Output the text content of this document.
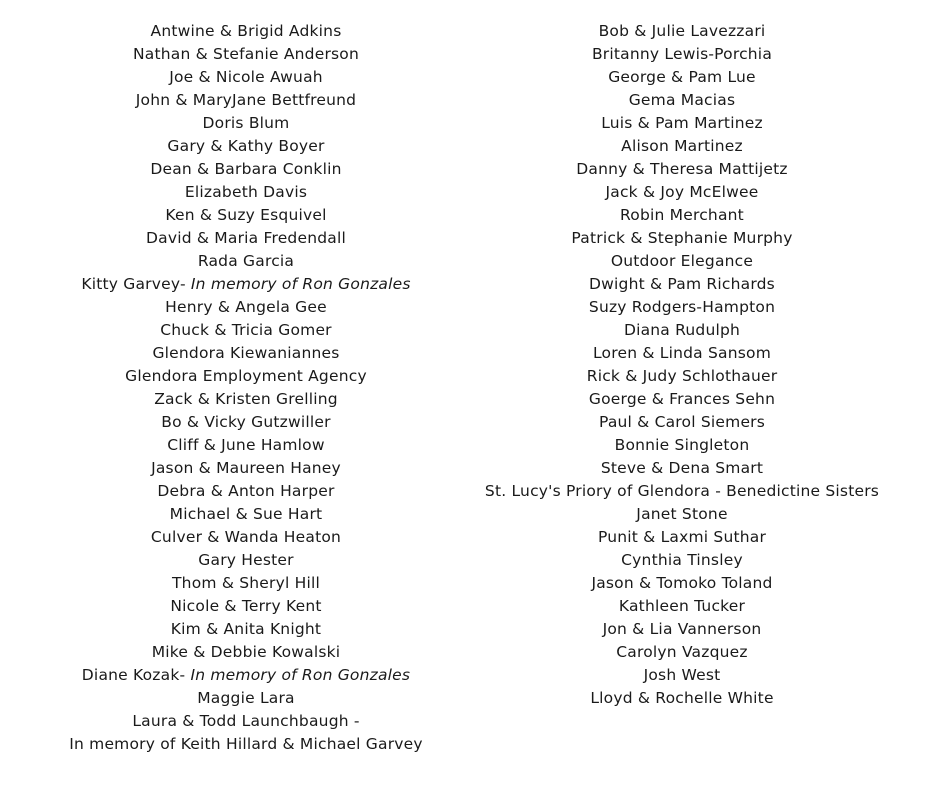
Antwine & Brigid Adkins
Nathan & Stefanie Anderson
Joe & Nicole Awuah
John & MaryJane Bettfreund
Doris Blum
Gary & Kathy Boyer
Dean & Barbara Conklin
Elizabeth Davis
Ken & Suzy Esquivel
David & Maria Fredendall
Rada Garcia
Kitty Garvey- In memory of Ron Gonzales
Henry & Angela Gee
Chuck & Tricia Gomer
Glendora Kiewaniannes
Glendora Employment Agency
Zack & Kristen Grelling
Bo & Vicky Gutzwiller
Cliff & June Hamlow
Jason & Maureen Haney
Debra & Anton Harper
Michael & Sue Hart
Culver & Wanda Heaton
Gary Hester
Thom & Sheryl Hill
Nicole & Terry Kent
Kim & Anita Knight
Mike & Debbie Kowalski
Diane Kozak- In memory of Ron Gonzales
Maggie Lara
Laura & Todd Launchbaugh -
In memory of Keith Hillard & Michael Garvey
Bob & Julie Lavezzari
Britanny Lewis-Porchia
George & Pam Lue
Gema Macias
Luis & Pam Martinez
Alison Martinez
Danny & Theresa Mattijetz
Jack & Joy McElwee
Robin Merchant
Patrick & Stephanie Murphy
Outdoor Elegance
Dwight & Pam Richards
Suzy Rodgers-Hampton
Diana Rudulph
Loren & Linda Sansom
Rick & Judy Schlothauer
Goerge & Frances Sehn
Paul & Carol Siemers
Bonnie Singleton
Steve & Dena Smart
St. Lucy's Priory of Glendora - Benedictine Sisters
Janet Stone
Punit & Laxmi Suthar
Cynthia Tinsley
Jason & Tomoko Toland
Kathleen Tucker
Jon & Lia Vannerson
Carolyn Vazquez
Josh West
Lloyd & Rochelle White
